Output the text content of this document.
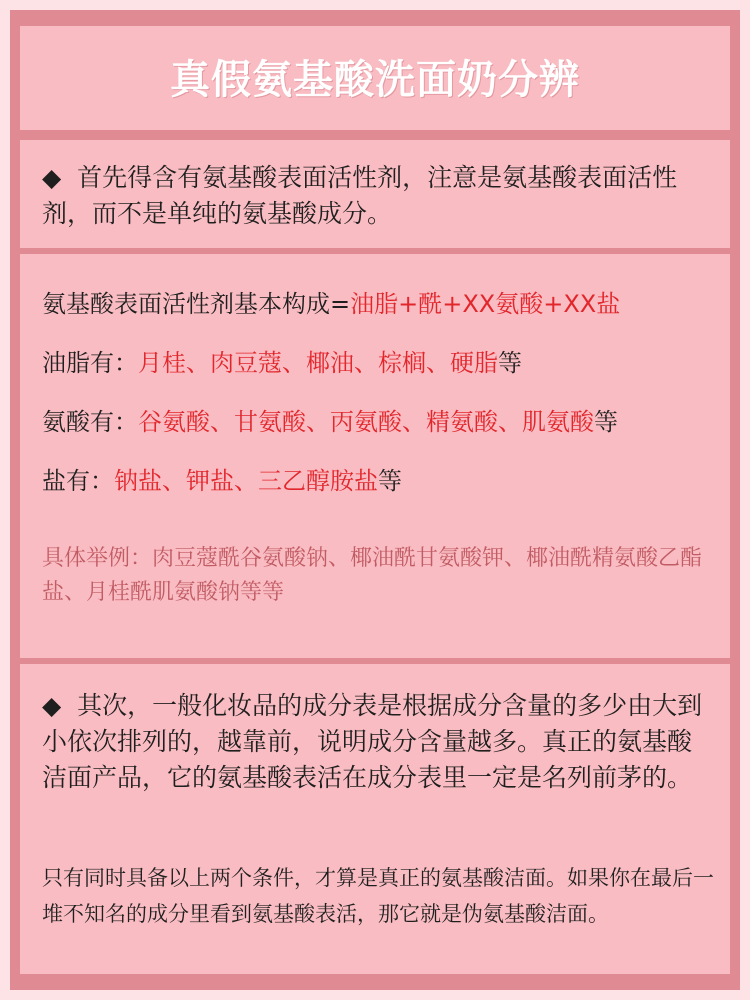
真假氨基酸洗面奶分辨
◆ 首先得含有氨基酸表面活性剂，注意是氨基酸表面活性剂，而不是单纯的氨基酸成分。
氨基酸表面活性剂基本构成=油脂+酰+XX氨酸+XX盐
油脂有：月桂、肉豆蔻、椰油、棕榈、硬脂等
氨酸有：谷氨酸、甘氨酸、丙氨酸、精氨酸、肌氨酸等
盐有：钠盐、钾盐、三乙醇胺盐等
具体举例：肉豆蔻酰谷氨酸钠、椰油酰甘氨酸钾、椰油酰精氨酸乙酯盐、月桂酰肌氨酸钠等等
◆ 其次，一般化妆品的成分表是根据成分含量的多少由大到小依次排列的，越靠前，说明成分含量越多。真正的氨基酸洁面产品，它的氨基酸表活在成分表里一定是名列前茅的。
只有同时具备以上两个条件，才算是真正的氨基酸洁面。如果你在最后一堆不知名的成分里看到氨基酸表活，那它就是伪氨基酸洁面。
